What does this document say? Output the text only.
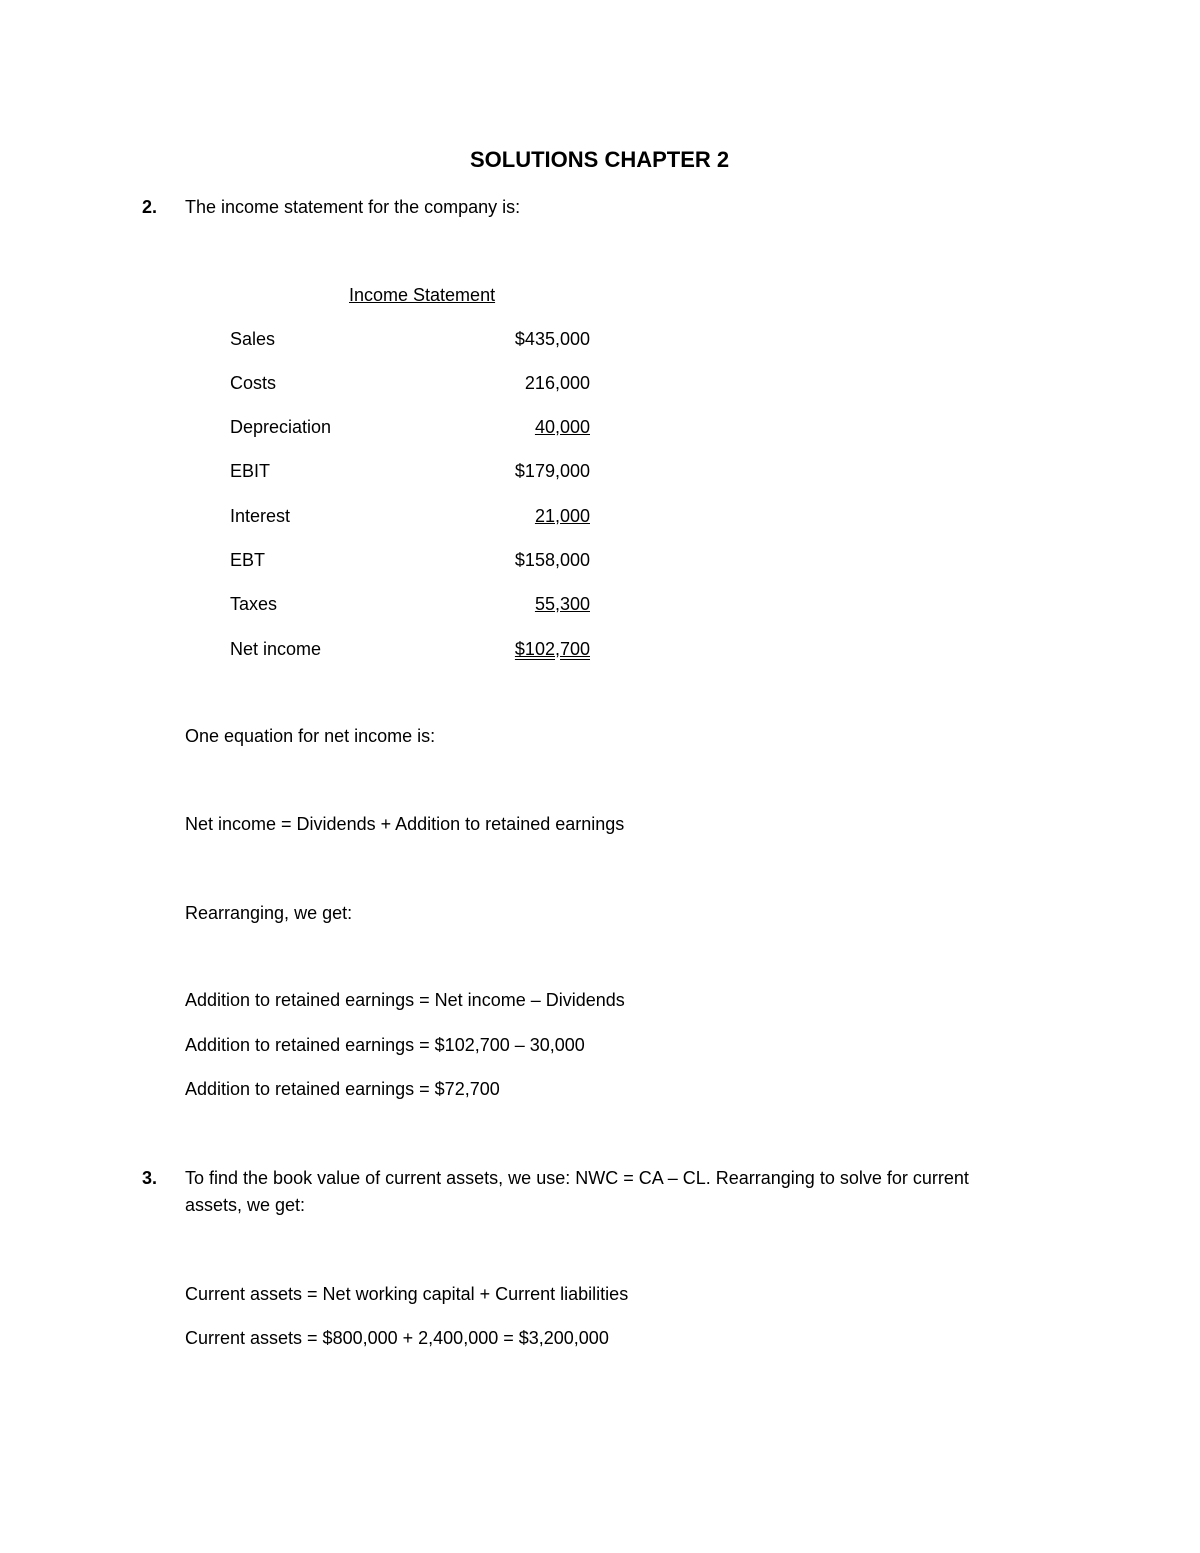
SOLUTIONS CHAPTER 2
2. The income statement for the company is:
Income Statement
Sales	$435,000
Costs	216,000
Depreciation	40,000
EBIT	$179,000
Interest	21,000
EBT	$158,000
Taxes	55,300
Net income	$102,700
One equation for net income is:
Net income = Dividends + Addition to retained earnings
Rearranging, we get:
Addition to retained earnings = Net income – Dividends
Addition to retained earnings = $102,700 – 30,000
Addition to retained earnings = $72,700
3. To find the book value of current assets, we use: NWC = CA – CL. Rearranging to solve for current
assets, we get:
Current assets = Net working capital + Current liabilities
Current assets = $800,000 + 2,400,000 = $3,200,000
